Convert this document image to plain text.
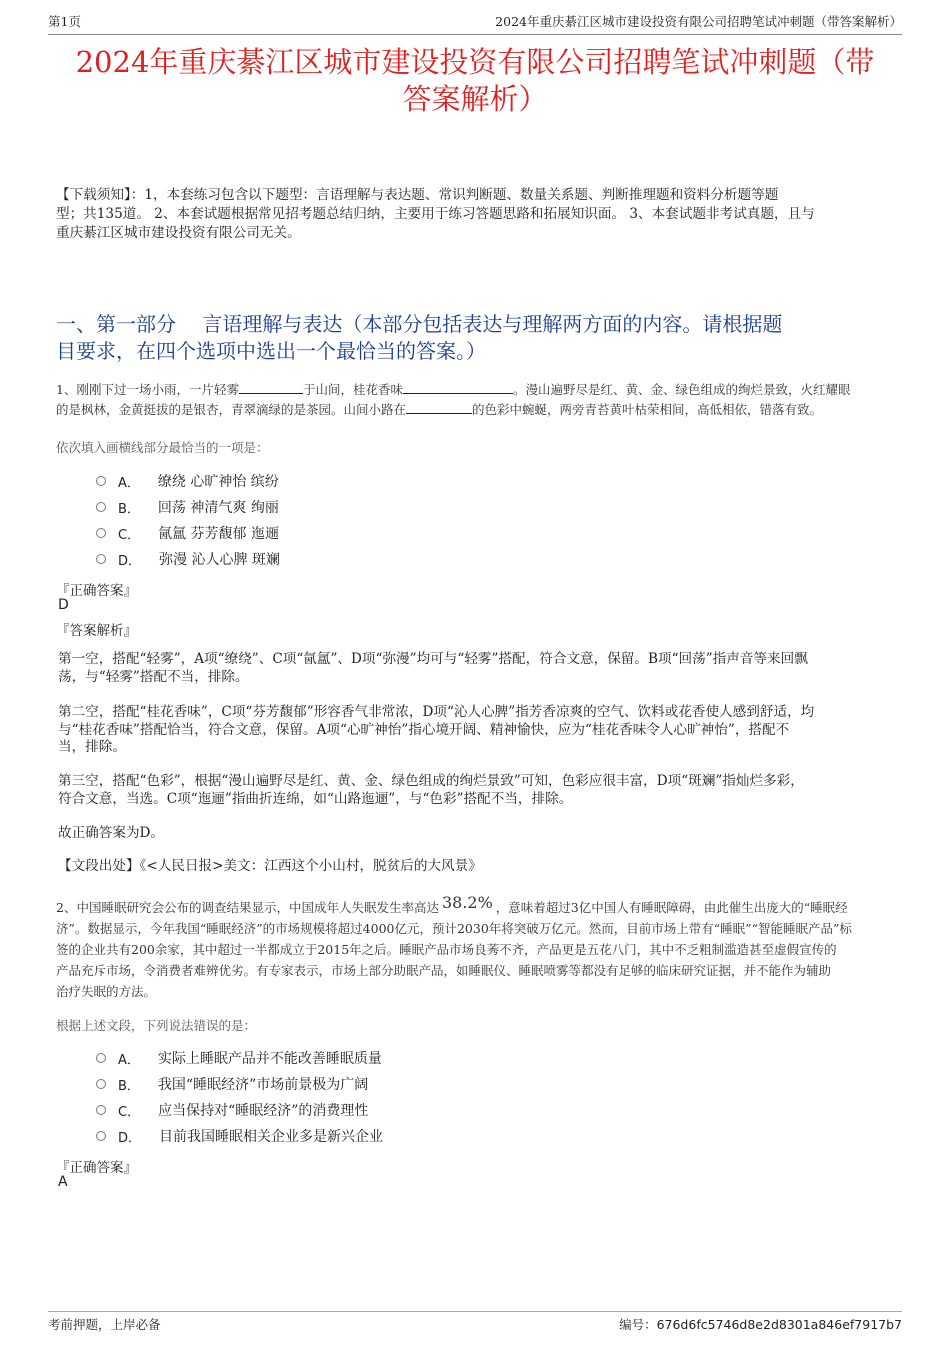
第1页	2024年重庆綦江区城市建设投资有限公司招聘笔试冲刺题（带答案解析）
2024年重庆綦江区城市建设投资有限公司招聘笔试冲刺题（带
答案解析）
【下载须知】：1，本套练习包含以下题型：言语理解与表达题、常识判断题、数量关系题、判断推理题和资料分析题等题
型；共135道。 2、本套试题根据常见招考题总结归纳，主要用于练习答题思路和拓展知识面。 3、本套试题非考试真题，且与
重庆綦江区城市建设投资有限公司无关。
一、第一部分　 言语理解与表达（本部分包括表达与理解两方面的内容。请根据题
目要求，在四个选项中选出一个最恰当的答案。）
1、刚刚下过一场小雨，一片轻雾	于山间，桂花香味	。漫山遍野尽是红、黄、金、绿色组成的绚烂景致，火红耀眼
的是枫林，金黄挺拔的是银杏，青翠滴绿的是茶园。山间小路在	的色彩中蜿蜒，两旁青苔黄叶枯荣相间，高低相依，错落有致。
依次填入画横线部分最恰当的一项是：
A． 缭绕 心旷神怡 缤纷
B． 回荡 神清气爽 绚丽
C． 氤氲 芬芳馥郁 迤逦
D． 弥漫 沁人心脾 斑斓
『正确答案』
D
『答案解析』
第一空，搭配“轻雾”，A项“缭绕”、C项“氤氲”、D项“弥漫”均可与“轻雾”搭配，符合文意，保留。B项“回荡”指声音等来回飘
荡，与“轻雾”搭配不当，排除。
第二空，搭配“桂花香味”，C项“芬芳馥郁”形容香气非常浓，D项“沁人心脾”指芳香凉爽的空气、饮料或花香使人感到舒适，均
与“桂花香味”搭配恰当，符合文意，保留。A项“心旷神怡”指心境开阔、精神愉快，应为“桂花香味令人心旷神怡”，搭配不
当，排除。
第三空，搭配“色彩”，根据“漫山遍野尽是红、黄、金、绿色组成的绚烂景致”可知，色彩应很丰富，D项“斑斓”指灿烂多彩，
符合文意，当选。C项“迤逦”指曲折连绵，如“山路迤逦”，与“色彩”搭配不当，排除。
故正确答案为D。
【文段出处】《<人民日报>美文：江西这个小山村，脱贫后的大风景》
2、中国睡眠研究会公布的调查结果显示，中国成年人失眠发生率高达 38.2% ，意味着超过3亿中国人有睡眠障碍，由此催生出庞大的“睡眠经
济”。数据显示，今年我国“睡眠经济”的市场规模将超过4000亿元，预计2030年将突破万亿元。然而，目前市场上带有“睡眠”“智能睡眠产品”标
签的企业共有200余家，其中超过一半都成立于2015年之后。睡眠产品市场良莠不齐，产品更是五花八门，其中不乏粗制滥造甚至虚假宣传的
产品充斥市场，令消费者难辨优劣。有专家表示，市场上部分助眠产品，如睡眠仪、睡眠喷雾等都没有足够的临床研究证据，并不能作为辅助
治疗失眠的方法。
根据上述文段，下列说法错误的是：
A． 实际上睡眠产品并不能改善睡眠质量
B． 我国“睡眠经济”市场前景极为广阔
C． 应当保持对“睡眠经济”的消费理性
D． 目前我国睡眠相关企业多是新兴企业
『正确答案』
A
考前押题，上岸必备	编号：676d6fc5746d8e2d8301a846ef7917b7
